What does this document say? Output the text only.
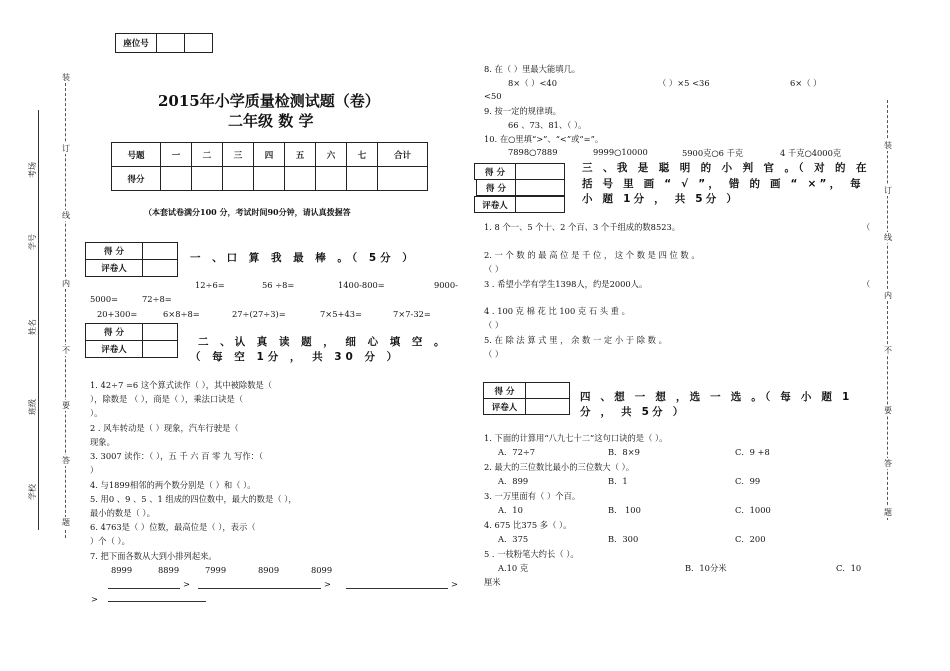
座位号
装
订
线
内
不
要
答
题
考场
学号
姓名
班级
学校
装
订
线
内
不
要
答
题
2015年小学质量检测试题（卷）
二年级 数 学
号题
得分
一	二	三	四	五	六	七	合计
（本套试卷满分100 分，考试时间90分钟，请认真拨握答
得 分
评卷人
一 、口 算 我 最 棒 。（ 5分 ）
12÷6=	56 ÷8=	1400-800=	9000-
5000=	72÷8=
20+300=	6×8÷8=	27÷(27÷3)=	7×5+43=	7×7-32=
得 分
评卷人
二 、认 真 读 题 ， 细 心 填 空 。
（ 每 空 1分 ， 共 30 分 ）
1. 42÷7 =6 这个算式读作（ ），其中被除数是（
），除数是 （ ），商是（ ），乘法口诀是（
）。
2 . 风车转动是（ ）现象，汽车行驶是（
现象。
3. 3007 读作：（ ），五 千 六 百 零 九 写作：（
）
4. 与1899相邻的两个数分别是（ ）和（ ）。
5. 用0 、9 、5 、1 组成的四位数中，最大的数是（ ），
最小的数是（ ）。
6. 4763是（ ）位数，最高位是（ ），表示（
）个（ ）。
7. 把下面各数从大到小排列起来。
8999	8899	7999	8909	8099
>	>	>
>
8. 在（ ）里最大能填几。
8×（ ）<40	（ ）×5 <36	6×（ ）
<50
9. 按一定的规律填。
66 、73、81、（ ）。
10. 在○里填“>”、“<”或“=”。
7898○7889	9999○10000	5900克○6 千克	4 千克○4000克
得 分
得 分
评卷人
三 、我 是 聪 明 的 小 判 官 。（ 对 的 在
括 号 里 画 “ √ ”， 错 的 画 “ ×”， 每
小 题 1分 ， 共 5分 ）
1. 8 个一、5 个十、2 个百、3 个千组成的数8523。	（
2. 一 个 数 的 最 高 位 是 千 位 ， 这 个 数 是 四 位 数 。
（ ）
3 . 希望小学有学生1398人，约是2000人。	（
4 . 100 克 棉 花 比 100 克 石 头 重 。
（ ）
5. 在 除 法 算 式 里 ， 余 数 一 定 小 于 除 数 。
（ ）
得 分
评卷人
四 、想 一 想 ，选 一 选 。（ 每 小 题 1
分 ， 共 5分 ）
1. 下面的计算用“八九七十二”这句口诀的是（ ）。
A．72÷7	B．8×9	C．9 +8
2. 最大的三位数比最小的三位数大（ ）。
A．899	B．1	C．99
3. 一万里面有（ ）个百。
A．10	B． 100	C．1000
4. 675 比375 多（ ）。
A．375	B．300	C．200
5 . 一枝粉笔大约长（ ）。
A.10 克	B．10分米	C．10
厘米
